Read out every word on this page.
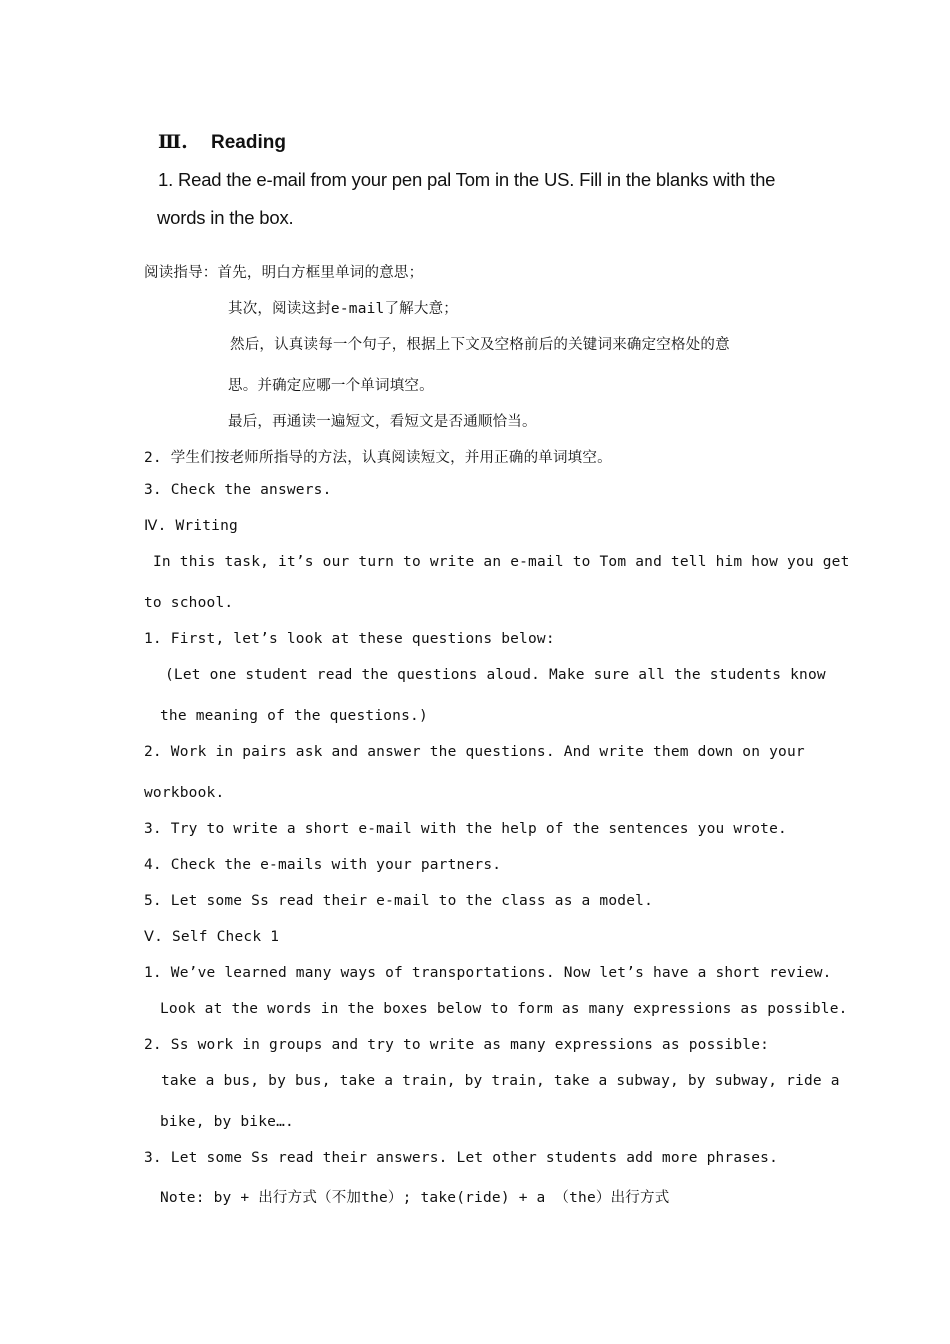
Ⅲ. Reading
1. Read the e-mail from your pen pal Tom in the US. Fill in the blanks with the
words in the box.
阅读指导：首先，明白方框里单词的意思；
其次，阅读这封e-mail了解大意；
然后，认真读每一个句子，根据上下文及空格前后的关键词来确定空格处的意
思。并确定应哪一个单词填空。
最后，再通读一遍短文，看短文是否通顺恰当。
2. 学生们按老师所指导的方法，认真阅读短文，并用正确的单词填空。
3. Check the answers.
Ⅳ. Writing
In this task, it’s our turn to write an e-mail to Tom and tell him how you get
to school.
1. First, let’s look at these questions below:
(Let one student read the questions aloud. Make sure all the students know
the meaning of the questions.)
2. Work in pairs ask and answer the questions. And write them down on your
workbook.
3. Try to write a short e-mail with the help of the sentences you wrote.
4. Check the e-mails with your partners.
5. Let some Ss read their e-mail to the class as a model.
Ⅴ. Self Check 1
1. We’ve learned many ways of transportations. Now let’s have a short review.
Look at the words in the boxes below to form as many expressions as possible.
2. Ss work in groups and try to write as many expressions as possible:
take a bus, by bus, take a train, by train, take a subway, by subway, ride a
bike, by bike….
3. Let some Ss read their answers. Let other students add more phrases.
Note: by + 出行方式（不加the）; take(ride) + a （the）出行方式
